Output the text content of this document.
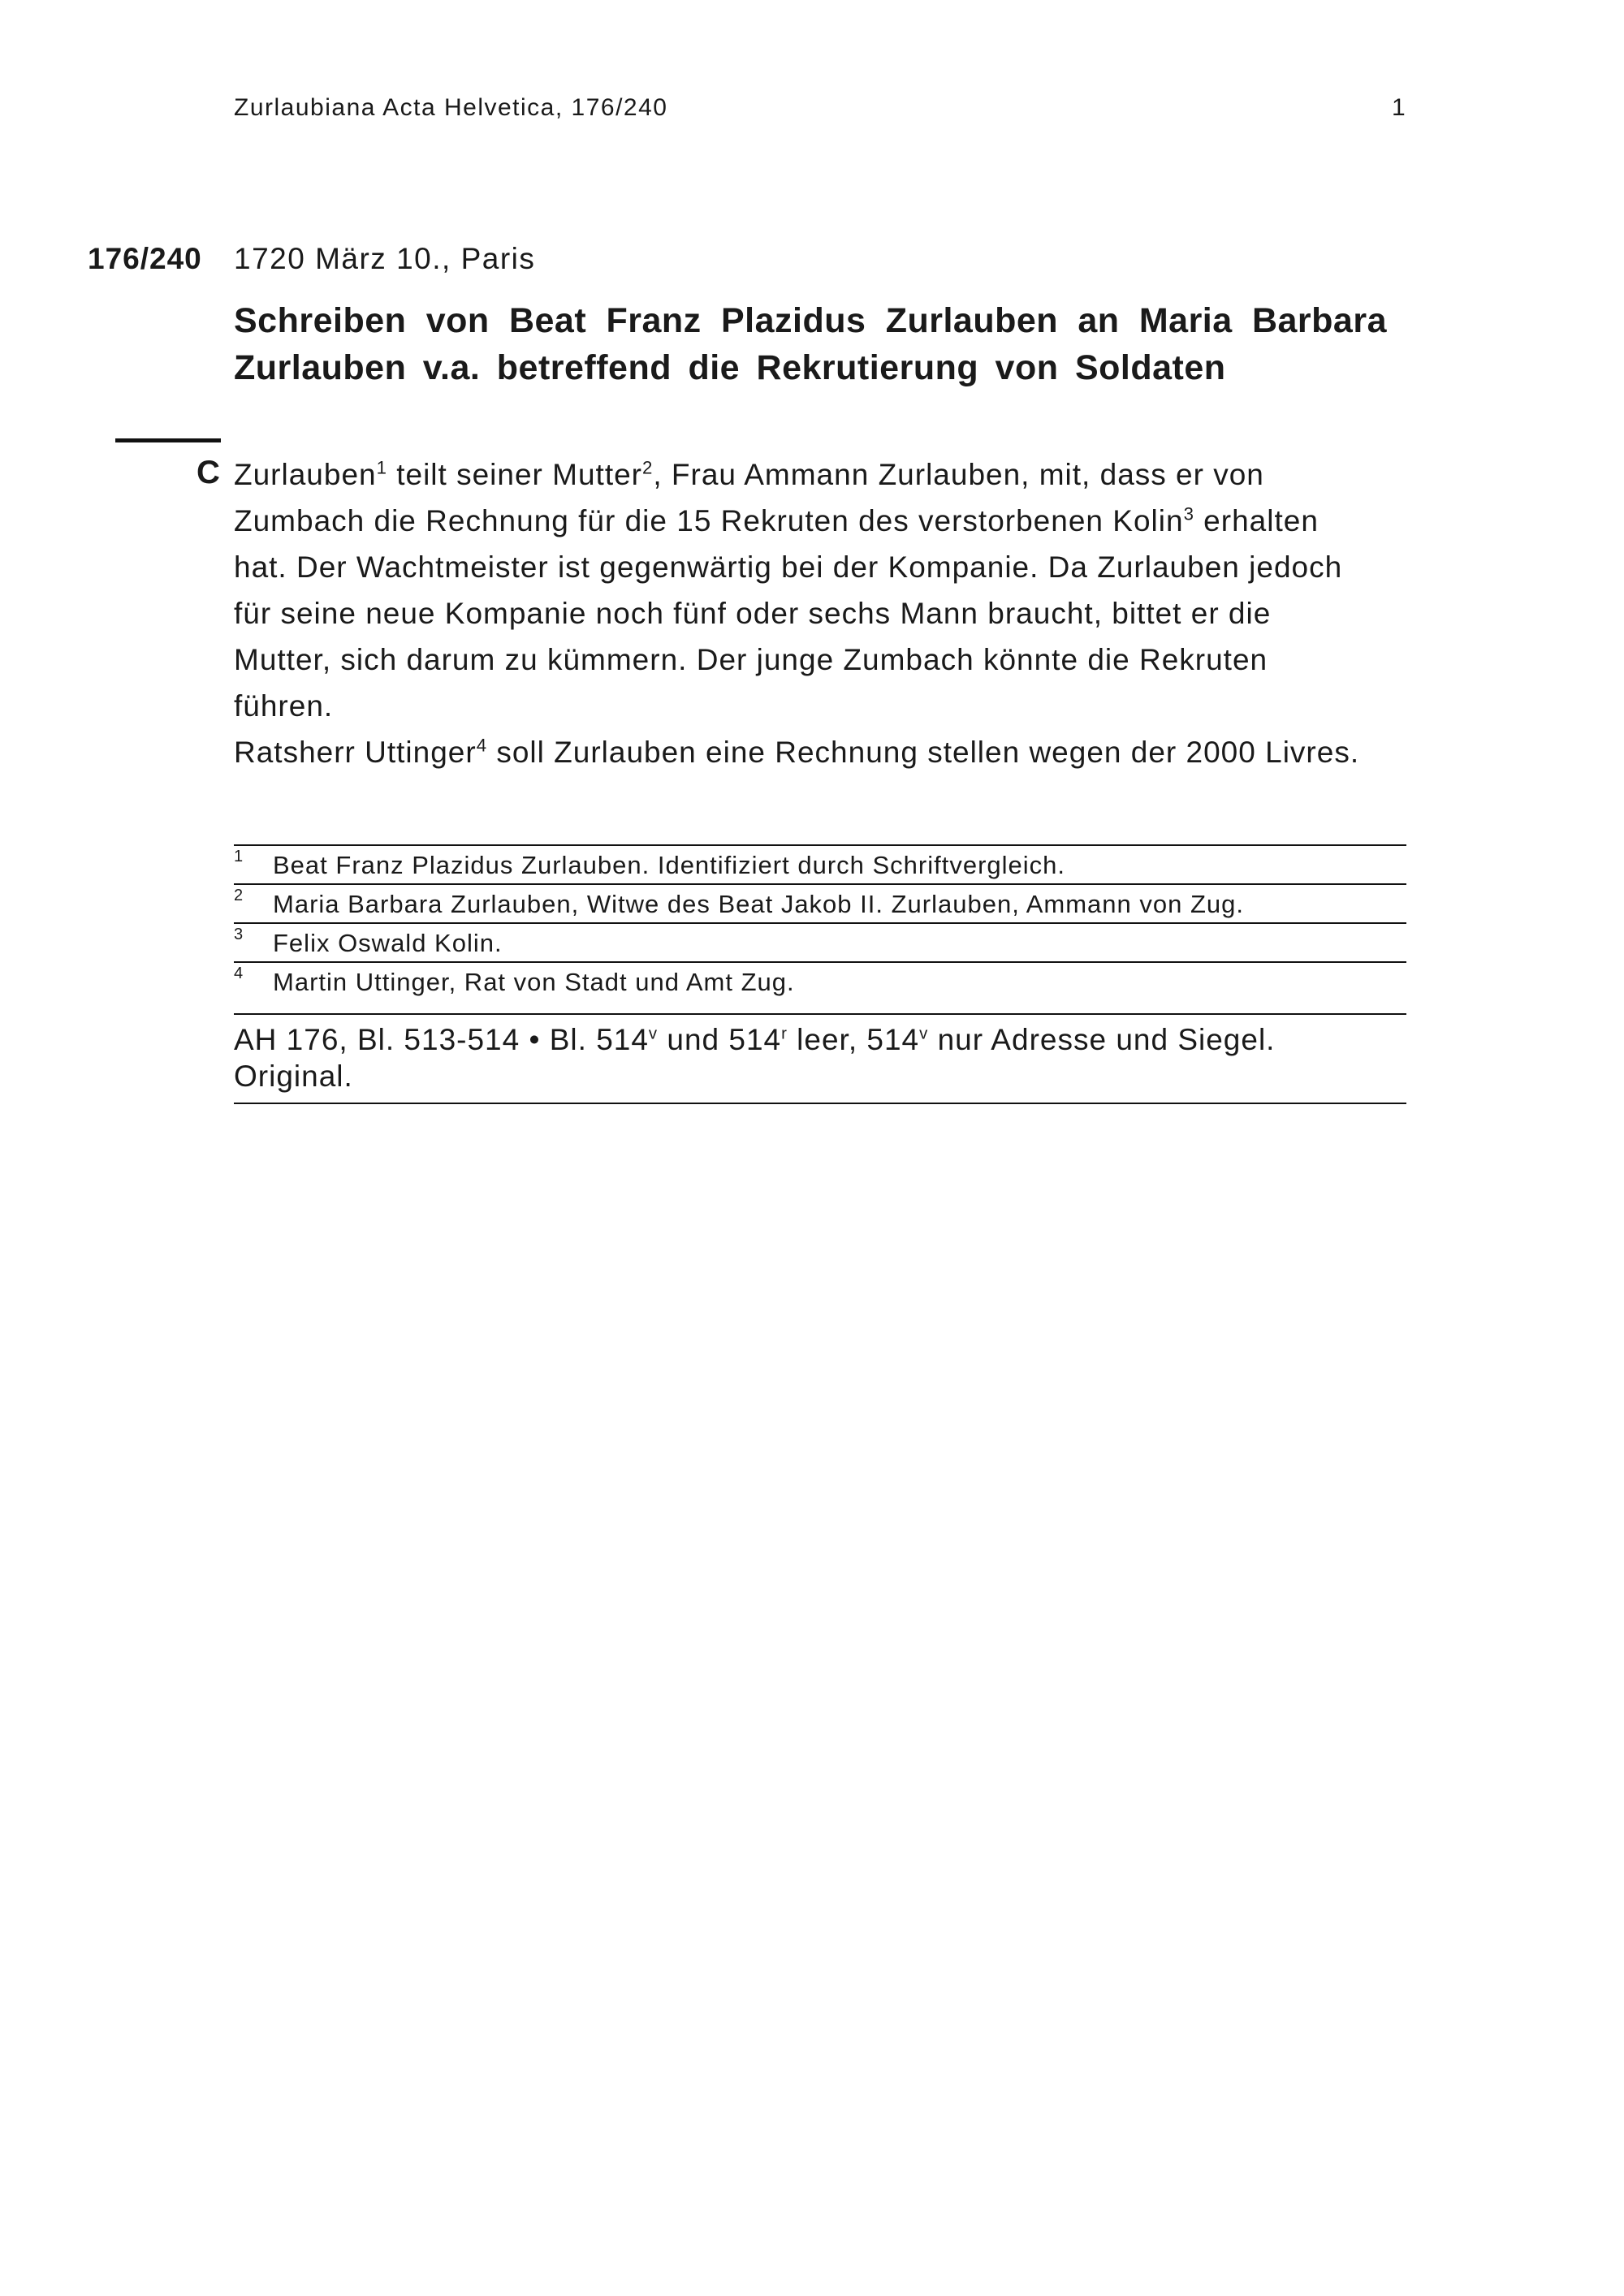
Zurlaubiana Acta Helvetica, 176/240	1
176/240 1720 März 10., Paris
Schreiben von Beat Franz Plazidus Zurlauben an Maria Barbara
Zurlauben v.a. betreffend die Rekrutierung von Soldaten
C Zurlauben$^1$ teilt seiner Mutter$^2$, Frau Ammann Zurlauben, mit, dass er von
Zumbach die Rechnung für die 15 Rekruten des verstorbenen Kolin$^3$ erhalten
hat. Der Wachtmeister ist gegenwärtig bei der Kompanie. Da Zurlauben jedoch
für seine neue Kompanie noch fünf oder sechs Mann braucht, bittet er die
Mutter, sich darum zu kümmern. Der junge Zumbach könnte die Rekruten
führen.
Ratsherr Uttinger$^4$ soll Zurlauben eine Rechnung stellen wegen der 2000 Livres.
1 Beat Franz Plazidus Zurlauben. Identifiziert durch Schriftvergleich.
2 Maria Barbara Zurlauben, Witwe des Beat Jakob II. Zurlauben, Ammann von Zug.
3 Felix Oswald Kolin.
4 Martin Uttinger, Rat von Stadt und Amt Zug.
AH 176, Bl. 513-514 • Bl. 514$^v$ und 514$^r$ leer, 514$^v$ nur Adresse und Siegel.
Original.
